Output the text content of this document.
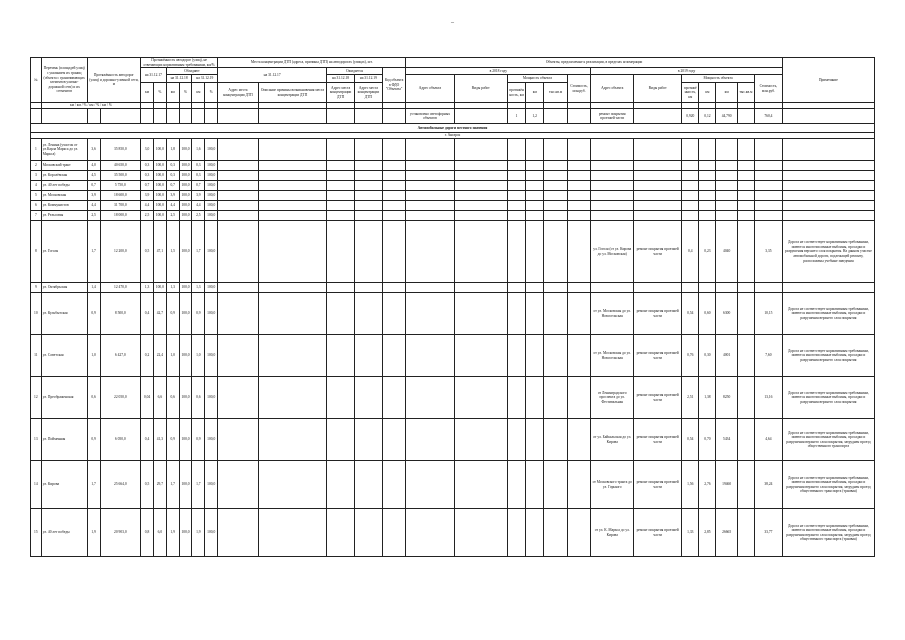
–
№	Перечень (площадей улиц) с указанием их границ (объекта с граничивающих элементов улично-дорожной сети) и их сегментов	Протяжённость автодорог (улиц) и дорожно-уличной сети, м		Протяжённость автодорог (улиц), не отвечающих нормативным требованиям, км/%						Места концентрации ДТП (адреса, причины ДТП) на автодорогах (улицах), шт.					Объекты, предлагаемые к реализации, в пределах агломерации													Примечание
				на 31.12.17		Обладают				на 31.12.17		Ожидается		Код объекта в ФДО "Объекты"	в 2018 году						в 2019 году							
						на 31.12.18		на 31.12.19				на 31.12.18	на 31.12.19		Адрес объекта	Виды работ	Мощность объекта			Стоимость, млн.руб.	Адрес объекта	Виды работ	Мощность объекта				Стоимость, млн.руб.	
				км	%	км	%	км	%	Адрес места концентрации ДТП	Описание причины возникновения места концентрации ДТП	Адрес места концентрации ДТП	Адрес места концентрации ДТП				протяжённость, км	км	тыс.кв.м				протяжённость, км	км	км	тыс.кв.м		
	км / км / % / км / % / км / %																											
															установлено светофорных объектов		1	1,2			ремонт покрытия проезжей части		0,920	0,12	44,790		760,4	
Автомобильные дороги местного значения																												
г. Ангарск																												
1	ул. Ленина (участок от ул.Карла Маркса до ул. Маркса)	3,6	35 850,0	3,0	100,0	1,8	100,0	1,6	100,0																			
2	Московский тракт	4,0	40 650,0	0,3	100,0	0,3	100,0	0,3	100,0																			
3	ул. Королёвская	4,5	35 500,0	0,3	100,0	0,3	100,0	0,3	100,0																			
4	ул. 40 лет победы	0,7	5 750,0	0,7	100,0	0,7	100,0	0,7	100,0																			
5	ул. Московская	3,9	18 600,0	3,9	100,0	3,9	100,0	3,9	100,0																			
6	ул. Коммунистов	4,4	31 700,0	4,4	100,0	4,4	100,0	4,4	100,0																			
7	ул. Рельсовая	2,5	18 000,0	2,5	100,0	2,5	100,0	2,5	100,0																			
8	ул. Гоголя	1,7	12 200,0	0,5	47,1	1,5	100,0	1,7	100,0												ул. Гоголя (от ул. Кирова до ул. Московская)	ремонт покрытия проезжей части	0,4	0,23	4040		3,35	Дорога не соответствует нормативным требованиям, имеются многочисленные выбоины, просадки и разрушения верхнего слоя покрытия. На данном участке автомобильной дороги, подлежащей ремонту, расположены учебные заведения
9	ул. Октябрьская	1,4	12 470,0	1,3	100,0	1,3	100,0	1,3	100,0																			
10	ул. Кульбытская	0,9	8 500,0	0,4	42,7	0,9	100,0	0,9	100,0												от ул. Московская до ул. Новосельская	ремонт покрытия проезжей части	0,54	0,60	6300		10,15	Дорога не соответствует нормативным требованиям, имеются многочисленные выбоины, просадки и разрушения верхнего слоя покрытия
11	ул. Советская	1,0	6 427,0	0,2	22,4	1,0	100,0	1,0	100,0												от ул. Московская до ул. Новосельская	ремонт покрытия проезжей части	0,76	0,30	4001		7,60	Дорога не соответствует нормативным требованиям, имеются многочисленные выбоины, просадки и разрушения верхнего слоя покрытия
12	ул. Преображенская	0,6	22 050,0	0,04	6,6	0,6	100,0	0,6	100,0												от Ленинградского проспекта до ул. Фестивальная	ремонт покрытия проезжей части	2,51	1,38	8250		13,16	Дорога не соответствует нормативным требованиям, имеются многочисленные выбоины, просадки и разрушения верхнего слоя покрытия
13	ул. Пойменная	0,9	6 050,0	0,4	41,3	0,9	100,0	0,9	100,0												от ул. Байкальская до ул. Кирова	ремонт покрытия проезжей части	0,54	0,70	5434		4,64	Дорога не соответствует нормативным требованиям, имеются многочисленные выбоины, просадки и разрушения верхнего слоя покрытия, затруднен проезд общественного транспорта
14	ул. Кирова	1,7	25 664,0	0,5	29,7	1,7	100,0	1,7	100,0												от Московского тракта до ул. Горького	ремонт покрытия проезжей части	1,56	2,76	19460		38,24	Дорога не соответствует нормативным требованиям, имеются многочисленные выбоины, просадки и разрушения верхнего слоя покрытия, затруднен проезд общественного транспорта (трамвая)
15	ул. 40 лет победы	1,9	20 903,0	0,8	6,0	1,9	100,0	1,9	100,0												от ул. К. Маркса до ул. Кирова	ремонт покрытия проезжей части	1,33	2,85	26665		33,77	Дорога не соответствует нормативным требованиям, имеются многочисленные выбоины, просадки и разрушения верхнего слоя покрытия, затруднен проезд общественного транспорта (трамвая)
